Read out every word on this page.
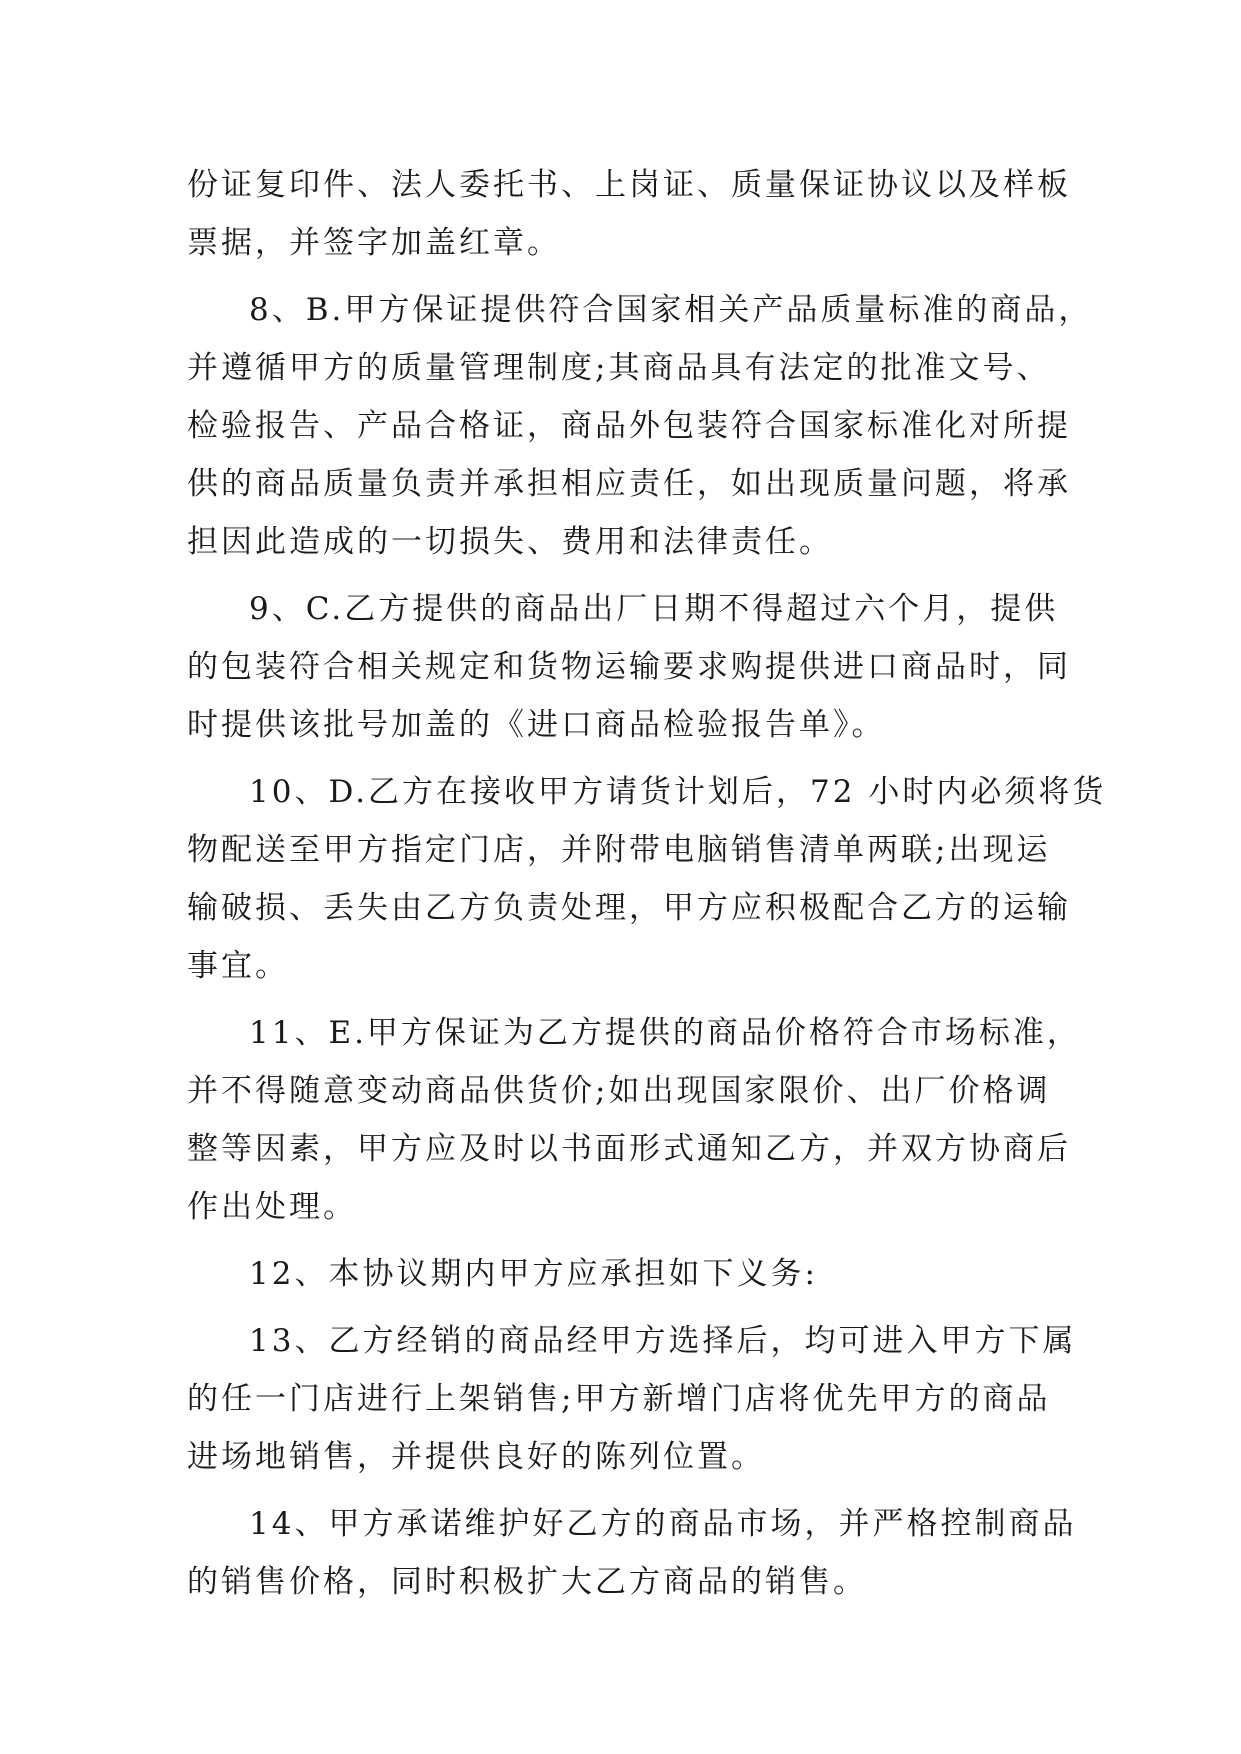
份证复印件、法人委托书、上岗证、质量保证协议以及样板
票据，并签字加盖红章。

8、B.甲方保证提供符合国家相关产品质量标准的商品，
并遵循甲方的质量管理制度;其商品具有法定的批准文号、
检验报告、产品合格证，商品外包装符合国家标准化对所提
供的商品质量负责并承担相应责任，如出现质量问题，将承
担因此造成的一切损失、费用和法律责任。

9、C.乙方提供的商品出厂日期不得超过六个月，提供
的包装符合相关规定和货物运输要求购提供进口商品时，同
时提供该批号加盖的《进口商品检验报告单》。

10、D.乙方在接收甲方请货计划后，72 小时内必须将货
物配送至甲方指定门店，并附带电脑销售清单两联;出现运
输破损、丢失由乙方负责处理，甲方应积极配合乙方的运输
事宜。

11、E.甲方保证为乙方提供的商品价格符合市场标准，
并不得随意变动商品供货价;如出现国家限价、出厂价格调
整等因素，甲方应及时以书面形式通知乙方，并双方协商后
作出处理。

12、本协议期内甲方应承担如下义务:

13、乙方经销的商品经甲方选择后，均可进入甲方下属
的任一门店进行上架销售;甲方新增门店将优先甲方的商品
进场地销售，并提供良好的陈列位置。

14、甲方承诺维护好乙方的商品市场，并严格控制商品
的销售价格，同时积极扩大乙方商品的销售。
